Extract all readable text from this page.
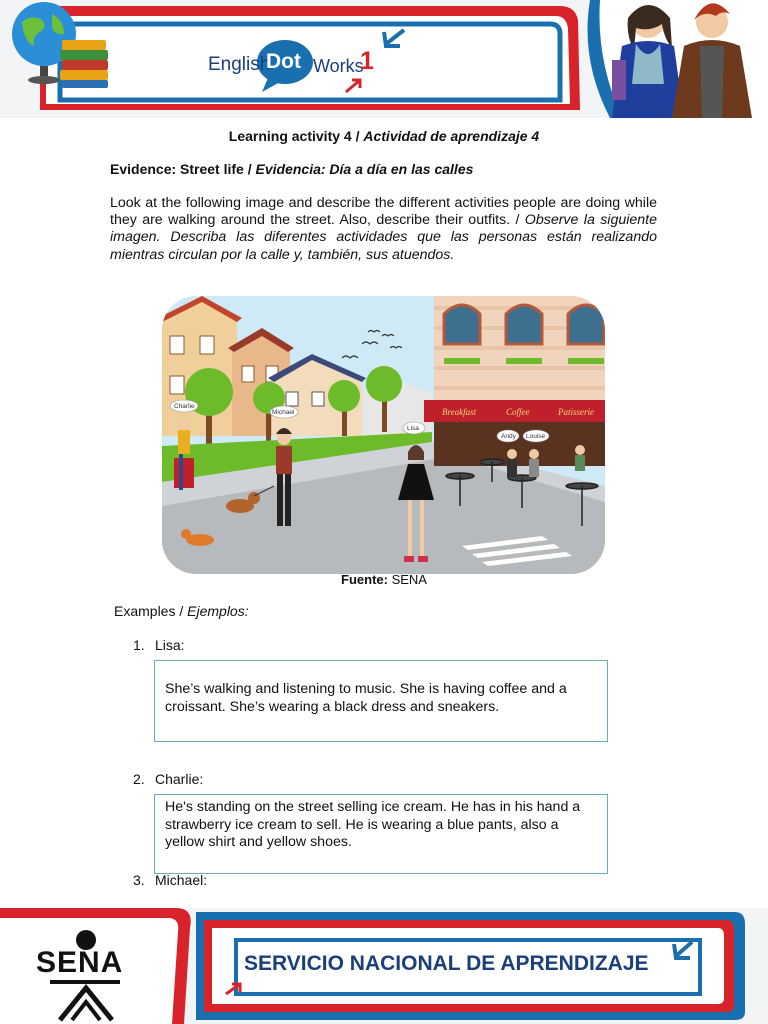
English
Dot Works
1
Learning activity 4 / Actividad de aprendizaje 4
Evidence: Street life / Evidencia: Día a día en las calles
Look at the following image and describe the different activities people are doing while they are walking around the street. Also, describe their outfits. / Observe la siguiente imagen. Describa las diferentes actividades que las personas están realizando mientras circulan por la calle y, también, sus atuendos.
Breakfast	Coffee	Patisserie
Charlie
Michael
Lisa
Andy Louise
Fuente: SENA
Examples / Ejemplos:
1. Lisa:
She’s walking and listening to music. She is having coffee and a croissant. She’s wearing a black dress and sneakers.
2. Charlie:
He's standing on the street selling ice cream. He has in his hand a strawberry ice cream to sell. He is wearing a blue pants, also a yellow shirt and yellow shoes.
3. Michael:
SENA	SERVICIO NACIONAL DE APRENDIZAJE
